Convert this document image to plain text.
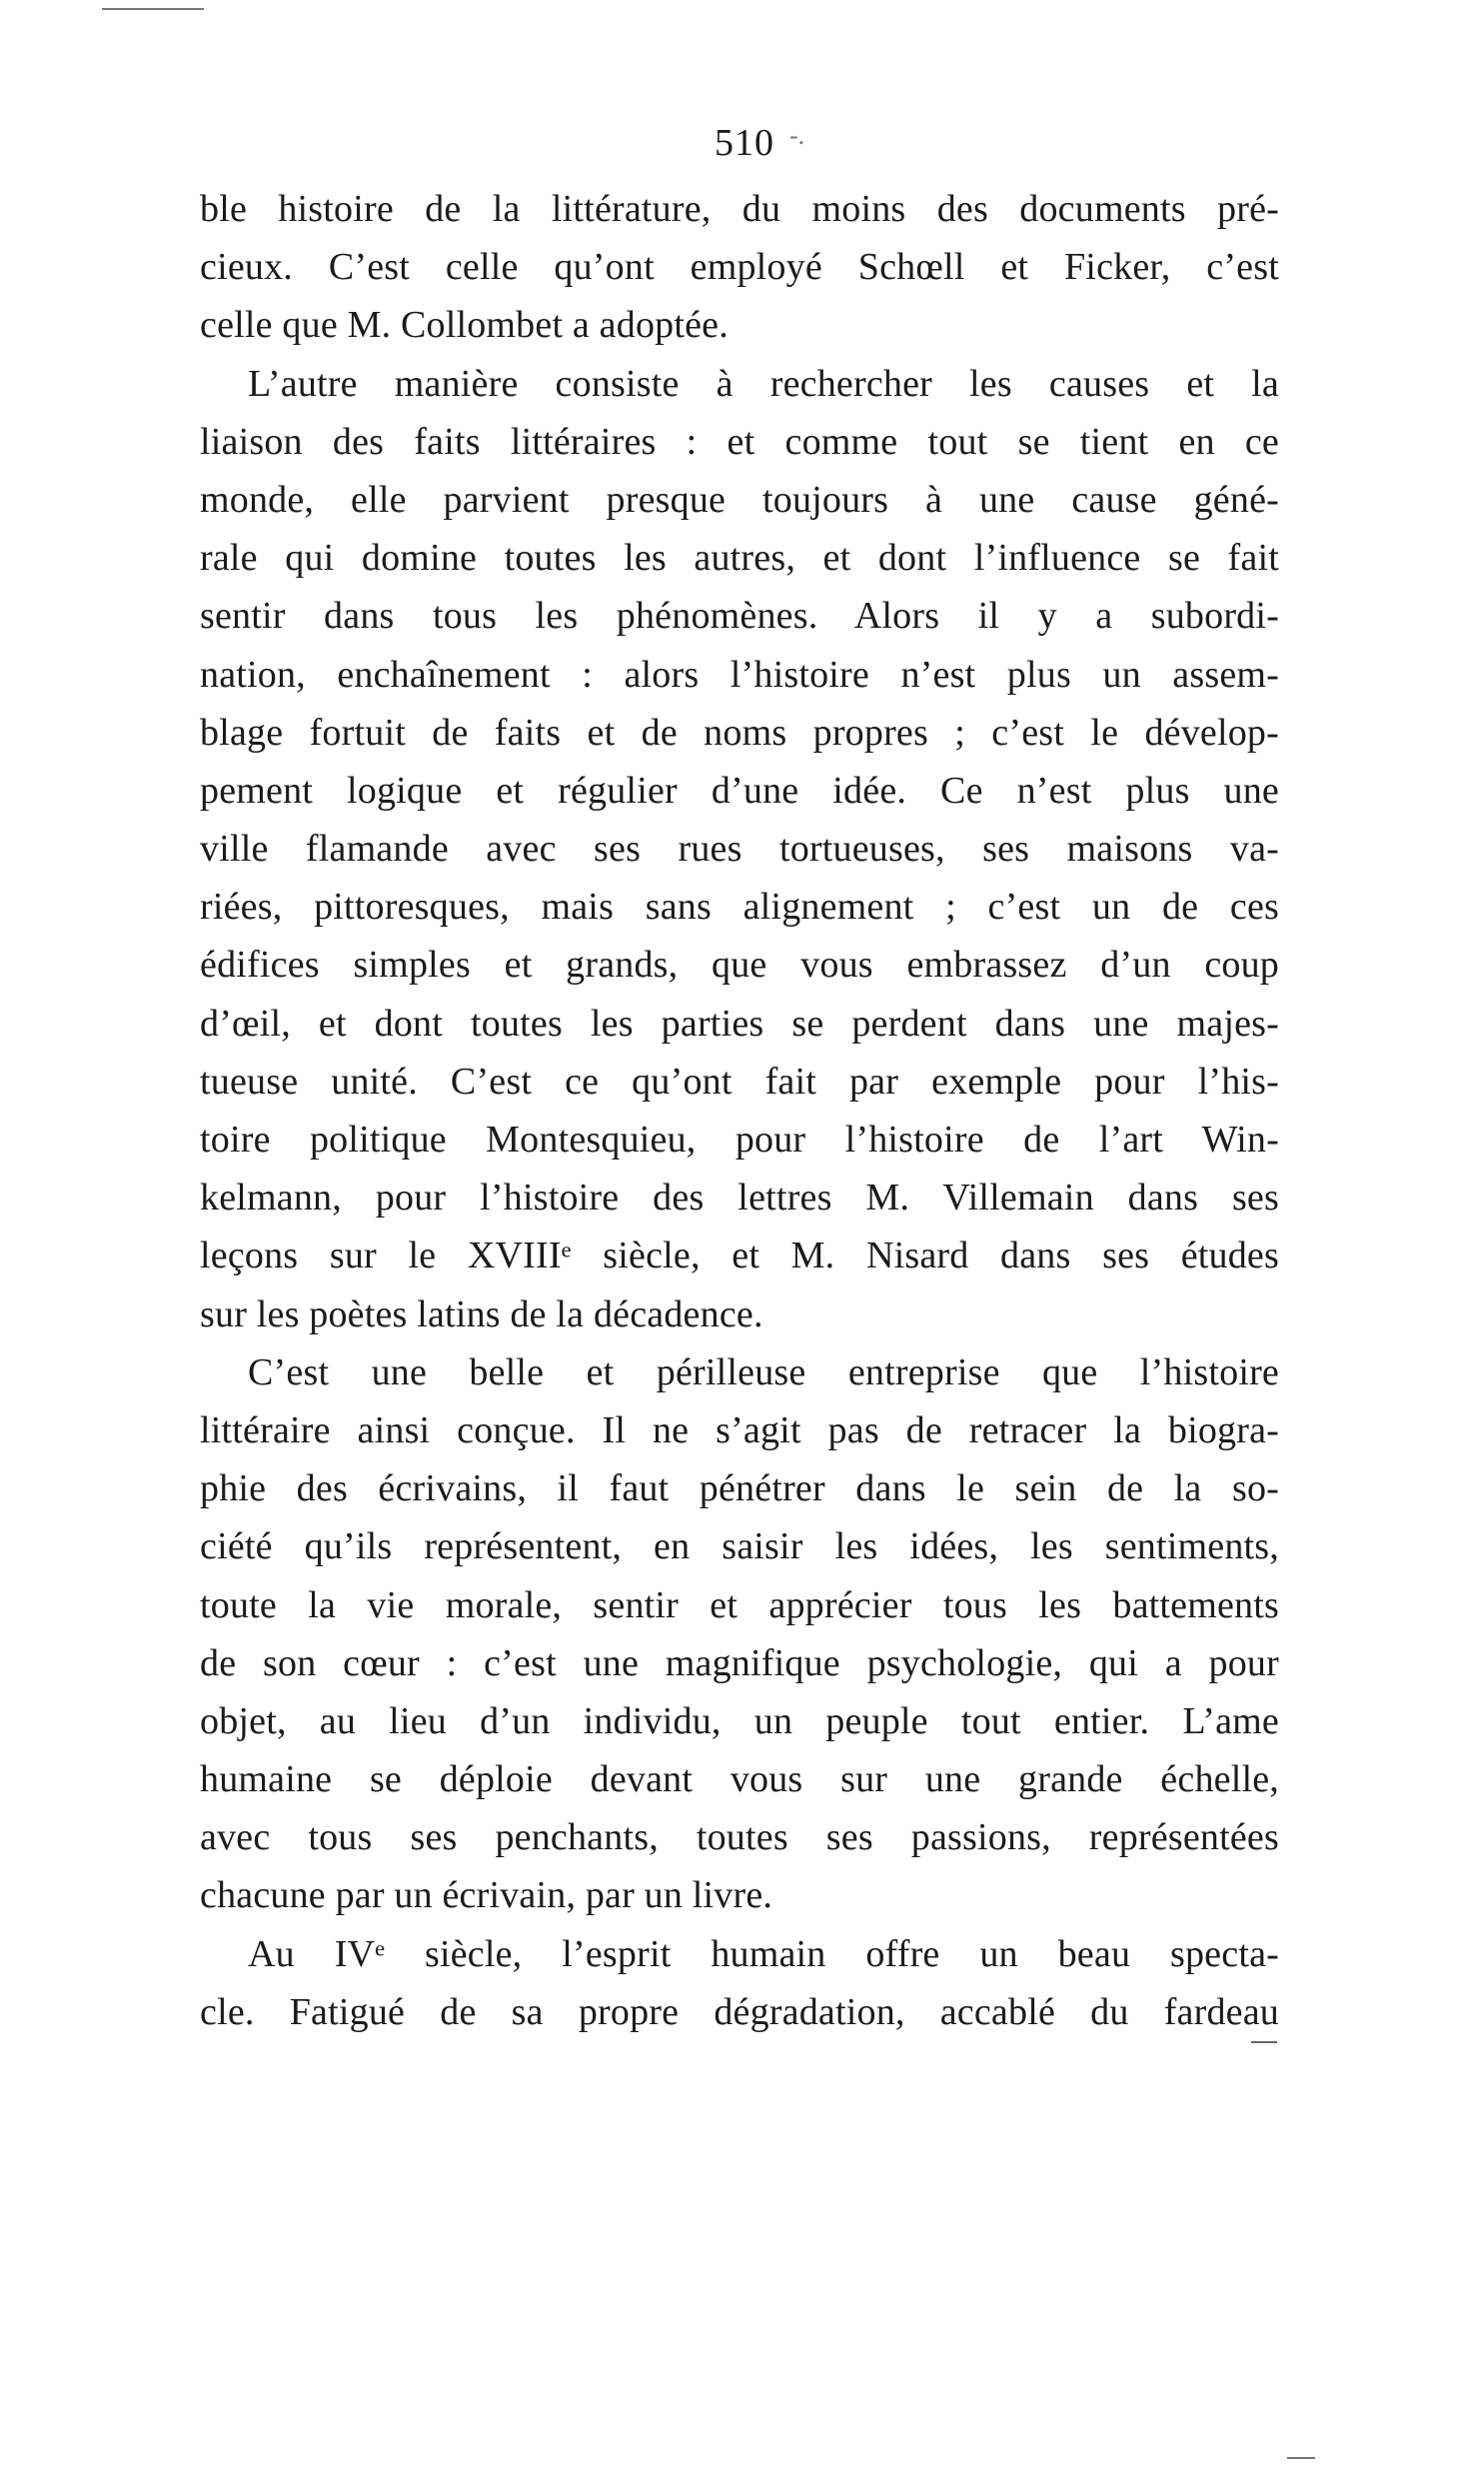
510 -.
ble histoire de la littérature, du moins des documents pré-
cieux. C’est celle qu’ont employé Schœll et Ficker, c’est
celle que M. Collombet a adoptée.
L’autre manière consiste à rechercher les causes et la
liaison des faits littéraires : et comme tout se tient en ce
monde, elle parvient presque toujours à une cause géné-
rale qui domine toutes les autres, et dont l’influence se fait
sentir dans tous les phénomènes. Alors il y a subordi-
nation, enchaînement : alors l’histoire n’est plus un assem-
blage fortuit de faits et de noms propres ; c’est le dévelop-
pement logique et régulier d’une idée. Ce n’est plus une
ville flamande avec ses rues tortueuses, ses maisons va-
riées, pittoresques, mais sans alignement ; c’est un de ces
édifices simples et grands, que vous embrassez d’un coup
d’œil, et dont toutes les parties se perdent dans une majes-
tueuse unité. C’est ce qu’ont fait par exemple pour l’his-
toire politique Montesquieu, pour l’histoire de l’art Win-
kelmann, pour l’histoire des lettres M. Villemain dans ses
leçons sur le XVIIIᵉ siècle, et M. Nisard dans ses études
sur les poètes latins de la décadence.
C’est une belle et périlleuse entreprise que l’histoire
littéraire ainsi conçue. Il ne s’agit pas de retracer la biogra-
phie des écrivains, il faut pénétrer dans le sein de la so-
ciété qu’ils représentent, en saisir les idées, les sentiments,
toute la vie morale, sentir et apprécier tous les battements
de son cœur : c’est une magnifique psychologie, qui a pour
objet, au lieu d’un individu, un peuple tout entier. L’ame
humaine se déploie devant vous sur une grande échelle,
avec tous ses penchants, toutes ses passions, représentées
chacune par un écrivain, par un livre.
Au IVᵉ siècle, l’esprit humain offre un beau specta-
cle. Fatigué de sa propre dégradation, accablé du fardeau
